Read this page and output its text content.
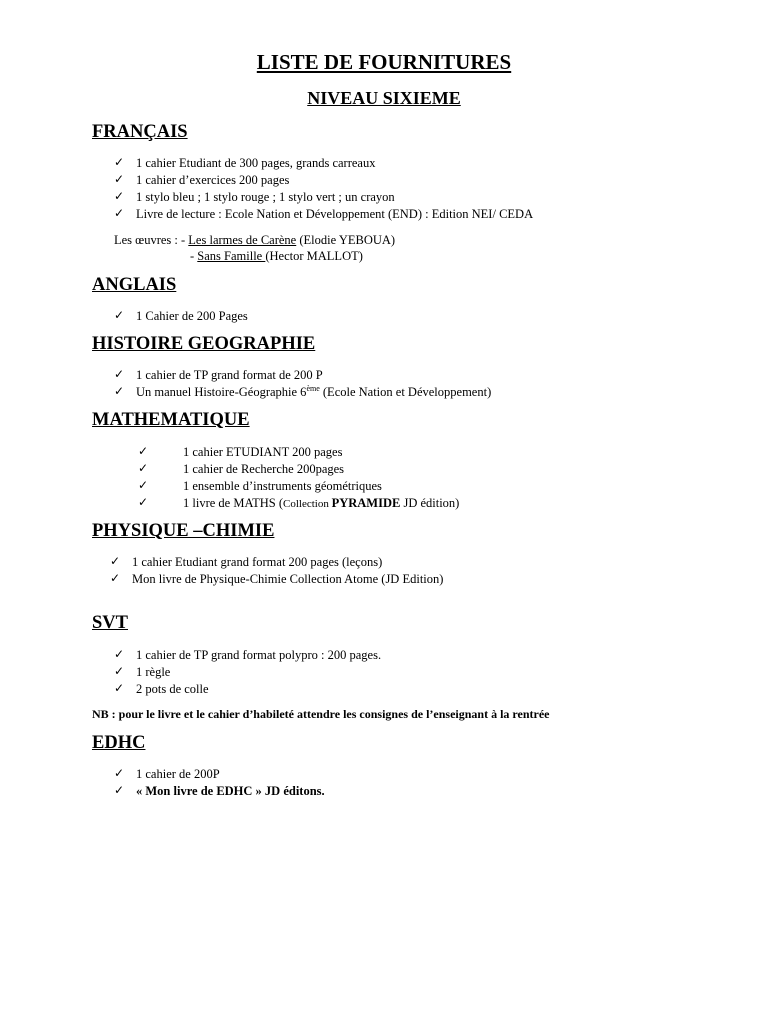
LISTE DE FOURNITURES
NIVEAU SIXIEME
FRANÇAIS
✓ 1 cahier Etudiant de 300 pages, grands carreaux
✓ 1 cahier d’exercices 200 pages
✓ 1 stylo bleu ; 1 stylo rouge ; 1 stylo vert ; un crayon
✓ Livre de lecture : Ecole Nation et Développement (END) : Edition NEI/ CEDA
Les œuvres : - Les larmes de Carène (Elodie YEBOUA)
- Sans Famille (Hector MALLOT)
ANGLAIS
✓ 1 Cahier de 200 Pages
HISTOIRE GEOGRAPHIE
✓ 1 cahier de TP grand format de 200 P
✓ Un manuel Histoire-Géographie 6ème (Ecole Nation et Développement)
MATHEMATIQUE
✓	1 cahier ETUDIANT 200 pages
✓	1 cahier de Recherche 200pages
✓	1 ensemble d’instruments géométriques
✓	1 livre de MATHS (Collection PYRAMIDE JD édition)
PHYSIQUE –CHIMIE
✓ 1 cahier Etudiant grand format 200 pages (leçons)
✓ Mon livre de Physique-Chimie Collection Atome (JD Edition)
SVT
✓ 1 cahier de TP grand format polypro : 200 pages.
✓ 1 règle
✓ 2 pots de colle
NB : pour le livre et le cahier d’habileté attendre les consignes de l’enseignant à la rentrée
EDHC
✓ 1 cahier de 200P
✓ « Mon livre de EDHC » JD éditons.
